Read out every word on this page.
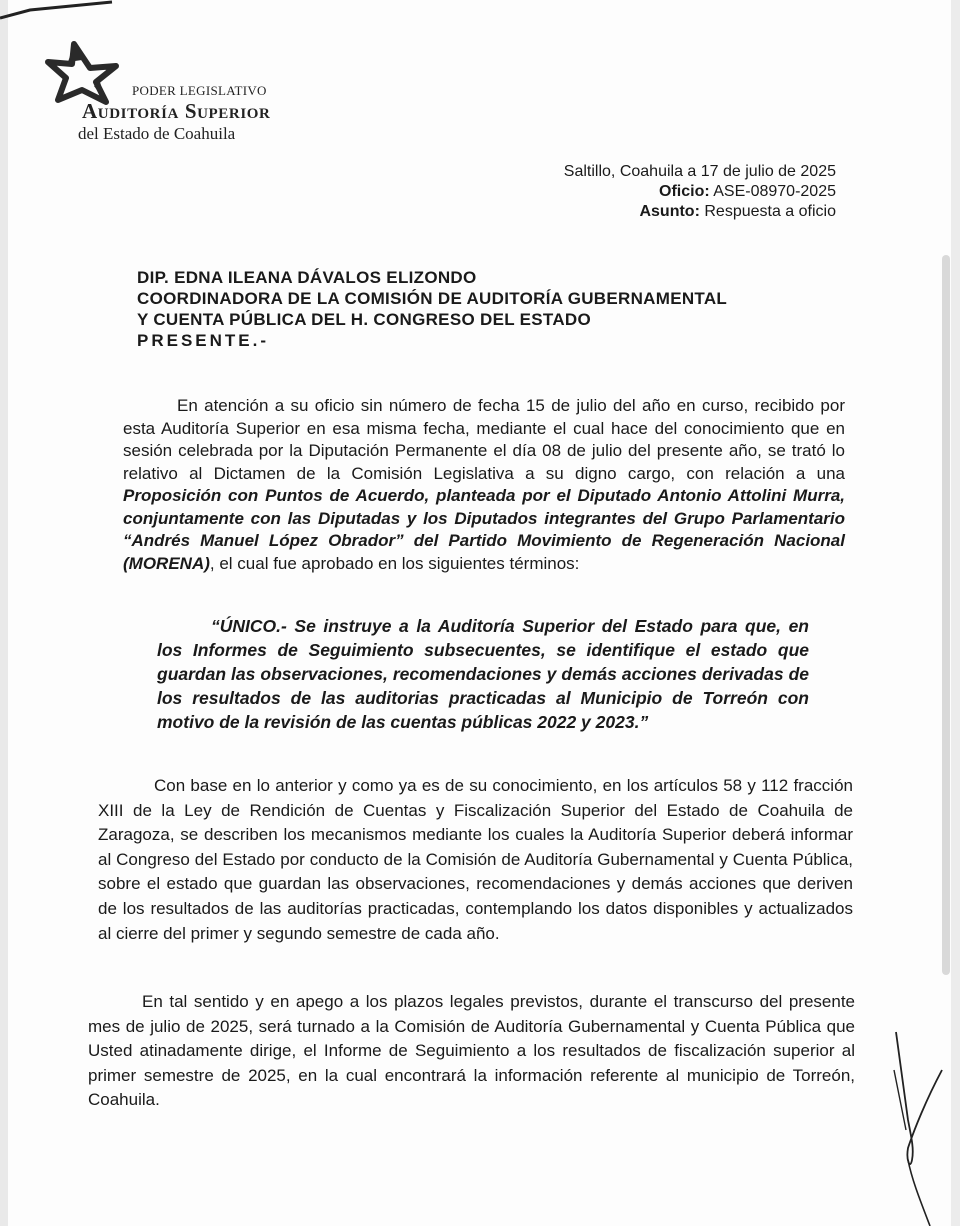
PODER LEGISLATIVO
Auditoría Superior
del Estado de Coahuila
Saltillo, Coahuila a 17 de julio de 2025
Oficio: ASE-08970-2025
Asunto: Respuesta a oficio
DIP. EDNA ILEANA DÁVALOS ELIZONDO
COORDINADORA DE LA COMISIÓN DE AUDITORÍA GUBERNAMENTAL
Y CUENTA PÚBLICA DEL H. CONGRESO DEL ESTADO
PRESENTE.-
En atención a su oficio sin número de fecha 15 de julio del año en curso, recibido por esta Auditoría Superior en esa misma fecha, mediante el cual hace del conocimiento que en sesión celebrada por la Diputación Permanente el día 08 de julio del presente año, se trató lo relativo al Dictamen de la Comisión Legislativa a su digno cargo, con relación a una Proposición con Puntos de Acuerdo, planteada por el Diputado Antonio Attolini Murra, conjuntamente con las Diputadas y los Diputados integrantes del Grupo Parlamentario “Andrés Manuel López Obrador” del Partido Movimiento de Regeneración Nacional (MORENA), el cual fue aprobado en los siguientes términos:
“ÚNICO.- Se instruye a la Auditoría Superior del Estado para que, en los Informes de Seguimiento subsecuentes, se identifique el estado que guardan las observaciones, recomendaciones y demás acciones derivadas de los resultados de las auditorias practicadas al Municipio de Torreón con motivo de la revisión de las cuentas públicas 2022 y 2023.”
Con base en lo anterior y como ya es de su conocimiento, en los artículos 58 y 112 fracción XIII de la Ley de Rendición de Cuentas y Fiscalización Superior del Estado de Coahuila de Zaragoza, se describen los mecanismos mediante los cuales la Auditoría Superior deberá informar al Congreso del Estado por conducto de la Comisión de Auditoría Gubernamental y Cuenta Pública, sobre el estado que guardan las observaciones, recomendaciones y demás acciones que deriven de los resultados de las auditorías practicadas, contemplando los datos disponibles y actualizados al cierre del primer y segundo semestre de cada año.
En tal sentido y en apego a los plazos legales previstos, durante el transcurso del presente mes de julio de 2025, será turnado a la Comisión de Auditoría Gubernamental y Cuenta Pública que Usted atinadamente dirige, el Informe de Seguimiento a los resultados de fiscalización superior al primer semestre de 2025, en la cual encontrará la información referente al municipio de Torreón, Coahuila.
